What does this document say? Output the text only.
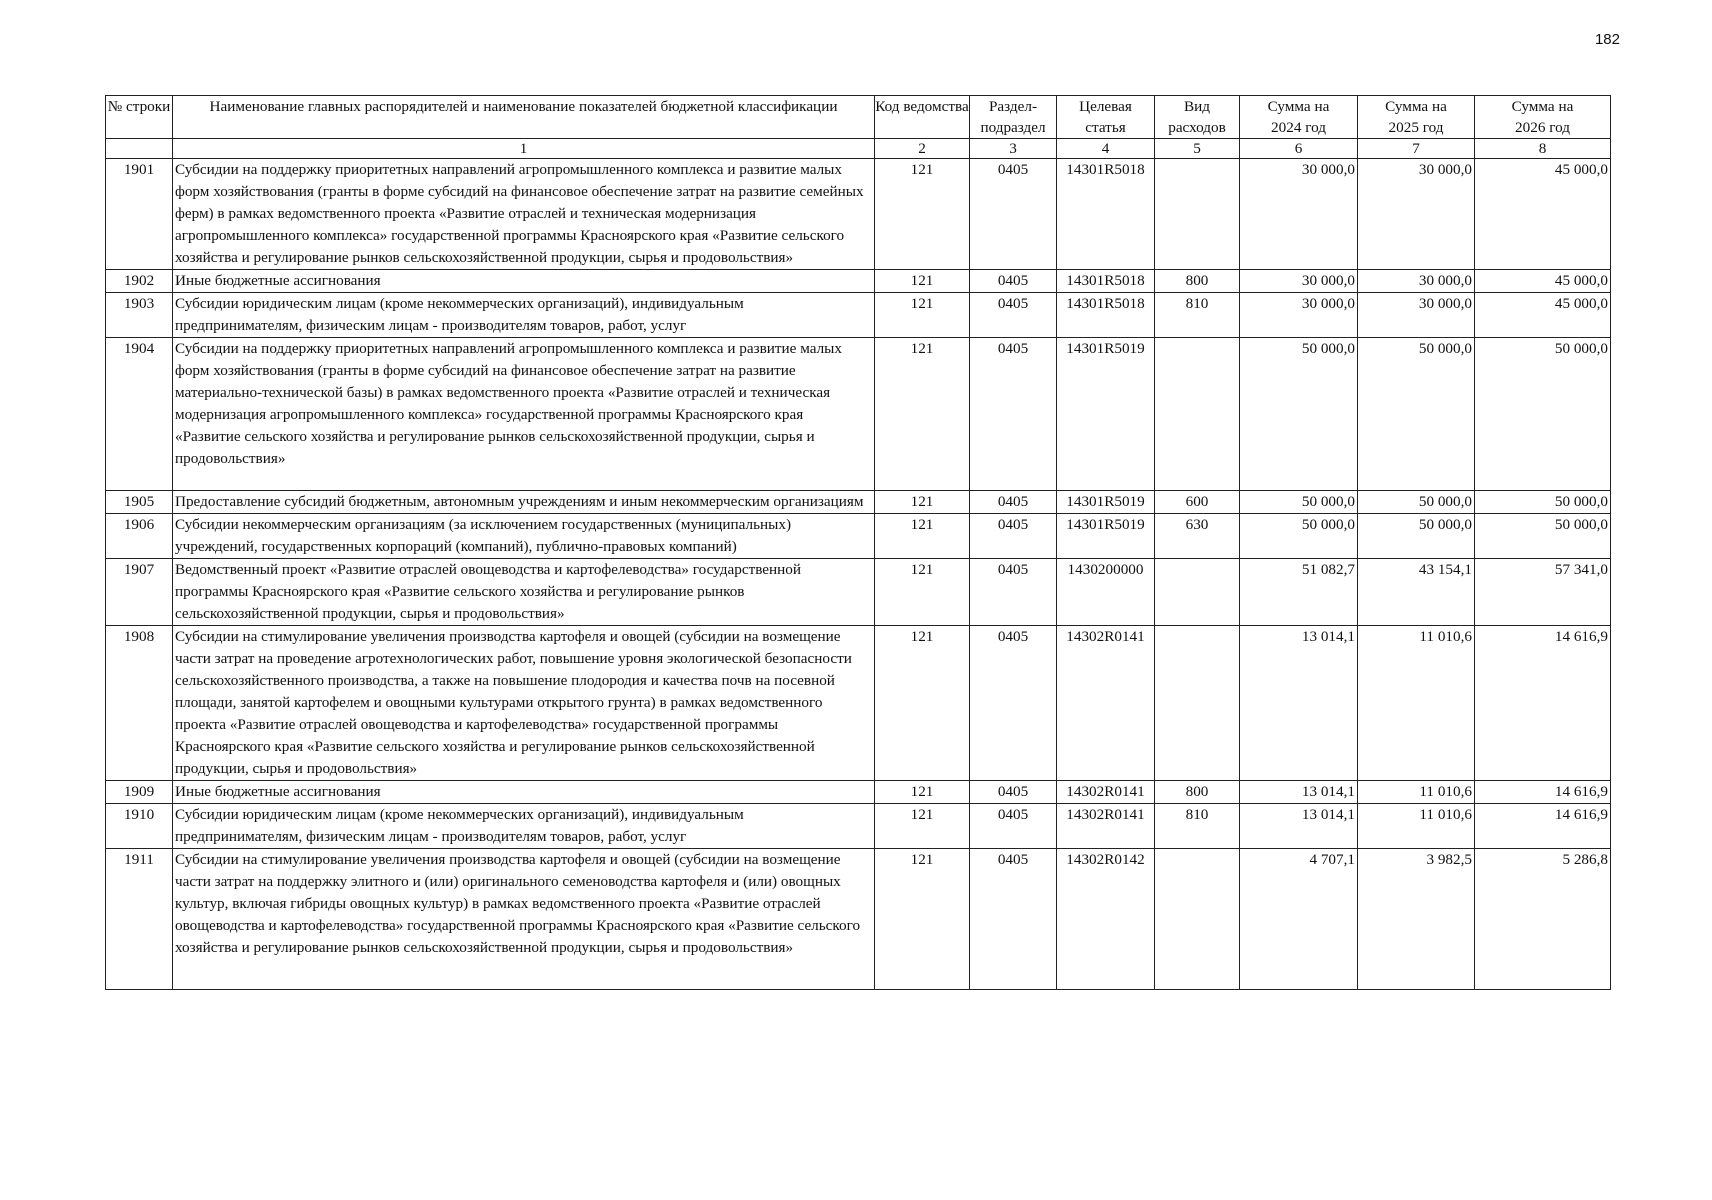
182
№ строки	Наименование главных распорядителей и наименование показателей бюджетной классификации	Код ведомства	Раздел-подраздел	Целевая статья	Вид расходов	Сумма на 2024 год	Сумма на 2025 год	Сумма на 2026 год
	1	2	3	4	5	6	7	8
1901	Субсидии на поддержку приоритетных направлений агропромышленного комплекса и развитие малых форм хозяйствования (гранты в форме субсидий на финансовое обеспечение затрат на развитие семейных ферм) в рамках ведомственного проекта «Развитие отраслей и техническая модернизация агропромышленного комплекса» государственной программы Красноярского края «Развитие сельского хозяйства и регулирование рынков сельскохозяйственной продукции, сырья и продовольствия»	121	0405	14301R5018		30 000,0	30 000,0	45 000,0
1902	Иные бюджетные ассигнования	121	0405	14301R5018	800	30 000,0	30 000,0	45 000,0
1903	Субсидии юридическим лицам (кроме некоммерческих организаций), индивидуальным предпринимателям, физическим лицам - производителям товаров, работ, услуг	121	0405	14301R5018	810	30 000,0	30 000,0	45 000,0
1904	Субсидии на поддержку приоритетных направлений агропромышленного комплекса и развитие малых форм хозяйствования (гранты в форме субсидий на финансовое обеспечение затрат на развитие материально-технической базы) в рамках ведомственного проекта «Развитие отраслей и техническая модернизация агропромышленного комплекса» государственной программы Красноярского края «Развитие сельского хозяйства и регулирование рынков сельскохозяйственной продукции, сырья и продовольствия»	121	0405	14301R5019		50 000,0	50 000,0	50 000,0
1905	Предоставление субсидий бюджетным, автономным учреждениям и иным некоммерческим организациям	121	0405	14301R5019	600	50 000,0	50 000,0	50 000,0
1906	Субсидии некоммерческим организациям (за исключением государственных (муниципальных) учреждений, государственных корпораций (компаний), публично-правовых компаний)	121	0405	14301R5019	630	50 000,0	50 000,0	50 000,0
1907	Ведомственный проект «Развитие отраслей овощеводства и картофелеводства» государственной программы Красноярского края «Развитие сельского хозяйства и регулирование рынков сельскохозяйственной продукции, сырья и продовольствия»	121	0405	1430200000		51 082,7	43 154,1	57 341,0
1908	Субсидии на стимулирование увеличения производства картофеля и овощей (субсидии на возмещение части затрат на проведение агротехнологических работ, повышение уровня экологической безопасности сельскохозяйственного производства, а также на повышение плодородия и качества почв на посевной площади, занятой картофелем и овощными культурами открытого грунта) в рамках ведомственного проекта «Развитие отраслей овощеводства и картофелеводства» государственной программы Красноярского края «Развитие сельского хозяйства и регулирование рынков сельскохозяйственной продукции, сырья и продовольствия»	121	0405	14302R0141		13 014,1	11 010,6	14 616,9
1909	Иные бюджетные ассигнования	121	0405	14302R0141	800	13 014,1	11 010,6	14 616,9
1910	Субсидии юридическим лицам (кроме некоммерческих организаций), индивидуальным предпринимателям, физическим лицам - производителям товаров, работ, услуг	121	0405	14302R0141	810	13 014,1	11 010,6	14 616,9
1911	Субсидии на стимулирование увеличения производства картофеля и овощей (субсидии на возмещение части затрат на поддержку элитного и (или) оригинального семеноводства картофеля и (или) овощных культур, включая гибриды овощных культур) в рамках ведомственного проекта «Развитие отраслей овощеводства и картофелеводства» государственной программы Красноярского края «Развитие сельского хозяйства и регулирование рынков сельскохозяйственной продукции, сырья и продовольствия»	121	0405	14302R0142		4 707,1	3 982,5	5 286,8
